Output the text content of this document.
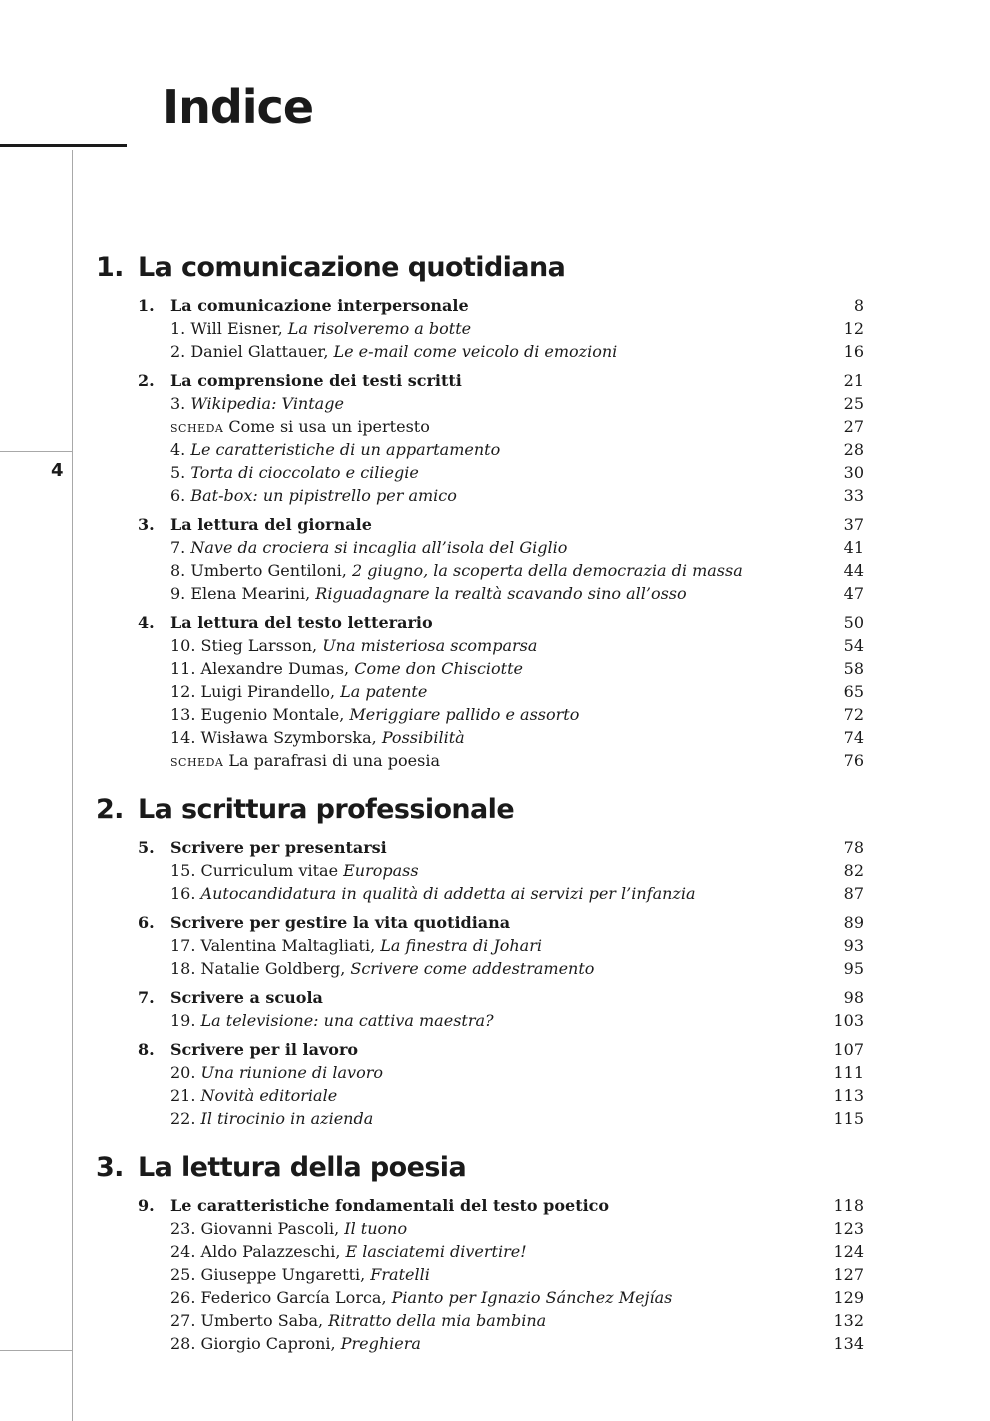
Indice
4
1. La comunicazione quotidiana
1. La comunicazione interpersonale	8
1. Will Eisner, La risolveremo a botte	12
2. Daniel Glattauer, Le e-mail come veicolo di emozioni	16
2. La comprensione dei testi scritti	21
3. Wikipedia: Vintage	25
scheda Come si usa un ipertesto	27
4. Le caratteristiche di un appartamento	28
5. Torta di cioccolato e ciliegie	30
6. Bat-box: un pipistrello per amico	33
3. La lettura del giornale	37
7. Nave da crociera si incaglia all’isola del Giglio	41
8. Umberto Gentiloni, 2 giugno, la scoperta della democrazia di massa	44
9. Elena Mearini, Riguadagnare la realtà scavando sino all’osso	47
4. La lettura del testo letterario	50
10. Stieg Larsson, Una misteriosa scomparsa	54
11. Alexandre Dumas, Come don Chisciotte	58
12. Luigi Pirandello, La patente	65
13. Eugenio Montale, Meriggiare pallido e assorto	72
14. Wisława Szymborska, Possibilità	74
scheda La parafrasi di una poesia	76
2. La scrittura professionale
5. Scrivere per presentarsi	78
15. Curriculum vitae Europass	82
16. Autocandidatura in qualità di addetta ai servizi per l’infanzia	87
6. Scrivere per gestire la vita quotidiana	89
17. Valentina Maltagliati, La finestra di Johari	93
18. Natalie Goldberg, Scrivere come addestramento	95
7. Scrivere a scuola	98
19. La televisione: una cattiva maestra?	103
8. Scrivere per il lavoro	107
20. Una riunione di lavoro	111
21. Novità editoriale	113
22. Il tirocinio in azienda	115
3. La lettura della poesia
9. Le caratteristiche fondamentali del testo poetico	118
23. Giovanni Pascoli, Il tuono	123
24. Aldo Palazzeschi, E lasciatemi divertire!	124
25. Giuseppe Ungaretti, Fratelli	127
26. Federico García Lorca, Pianto per Ignazio Sánchez Mejías	129
27. Umberto Saba, Ritratto della mia bambina	132
28. Giorgio Caproni, Preghiera	134
